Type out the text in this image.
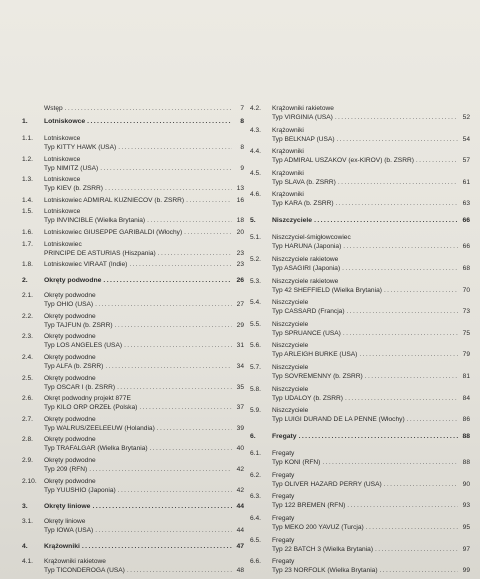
Wstęp .....	7
1. Lotniskowce .....	8
1.1. Lotniskowce
Typ KITTY HAWK (USA) .....	8
1.2. Lotniskowce
Typ NIMITZ (USA) .....	9
1.3. Lotniskowce
Typ KIEV (b. ZSRR) .....	13
1.4. Lotniskowiec ADMIRAL KUZNIECOV (b. ZSRR) .....	16
1.5. Lotniskowce
Typ INVINCIBLE (Wielka Brytania) .....	18
1.6. Lotniskowiec GIUSEPPE GARIBALDI (Włochy) .....	20
1.7. Lotniskowiec
PRINCIPE DE ASTURIAS (Hiszpania) .....	23
1.8. Lotniskowiec VIRAAT (Indie) .....	23
2. Okręty podwodne .....	26
2.1. Okręty podwodne
Typ OHIO (USA) .....	27
2.2. Okręty podwodne
Typ TAJFUN (b. ZSRR) .....	29
2.3. Okręty podwodne
Typ LOS ANGELES (USA) .....	31
2.4. Okręty podwodne
Typ ALFA (b. ZSRR) .....	34
2.5. Okręty podwodne
Typ OSCAR I (b. ZSRR) .....	35
2.6. Okręt podwodny projekt 877E
Typ KILO ORP ORZEŁ (Polska) .....	37
2.7. Okręty podwodne
Typ WALRUS/ZEELEEUW (Holandia) .....	39
2.8. Okręty podwodne
Typ TRAFALGAR (Wielka Brytania) .....	40
2.9. Okręty podwodne
Typ 209 (RFN) .....	42
2.10. Okręty podwodne
Typ YUUSHIO (Japonia) .....	42
3. Okręty liniowe .....	44
3.1. Okręty liniowe
Typ IOWA (USA) .....	44
4. Krążowniki .....	47
4.1. Krążowniki rakietowe
Typ TICONDEROGA (USA) .....	48
4.2. Krążowniki rakietowe
Typ VIRGINIA (USA) .....	52
4.3. Krążowniki
Typ BELKNAP (USA) .....	54
4.4. Krążowniki
Typ ADMIRAL USZAKOV (ex-KIROV) (b. ZSRR) .....	57
4.5. Krążowniki
Typ SLAVA (b. ZSRR) .....	61
4.6. Krążowniki
Typ KARA (b. ZSRR) .....	63
5. Niszczyciele .....	66
5.1. Niszczyciel-śmigłowcowiec
Typ HARUNA (Japonia) .....	66
5.2. Niszczyciele rakietowe
Typ ASAGIRI (Japonia) .....	68
5.3. Niszczyciele rakietowe
Typ 42 SHEFFIELD (Wielka Brytania) .....	70
5.4. Niszczyciele
Typ CASSARD (Francja) .....	73
5.5. Niszczyciele
Typ SPRUANCE (USA) .....	75
5.6. Niszczyciele
Typ ARLEIGH BURKE (USA) .....	79
5.7. Niszczyciele
Typ SOVREMENNY (b. ZSRR) .....	81
5.8. Niszczyciele
Typ UDALOY (b. ZSRR) .....	84
5.9. Niszczyciele
Typ LUIGI DURAND DE LA PENNE (Włochy) .....	86
6. Fregaty .....	88
6.1. Fregaty
Typ KONI (RFN) .....	88
6.2. Fregaty
Typ OLIVER HAZARD PERRY (USA) .....	90
6.3. Fregaty
Typ 122 BREMEN (RFN) .....	93
6.4. Fregaty
Typ MEKO 200 YAVUZ (Turcja) .....	95
6.5. Fregaty
Typ 22 BATCH 3 (Wielka Brytania) .....	97
6.6. Fregaty
Typ 23 NORFOLK (Wielka Brytania) .....	99
